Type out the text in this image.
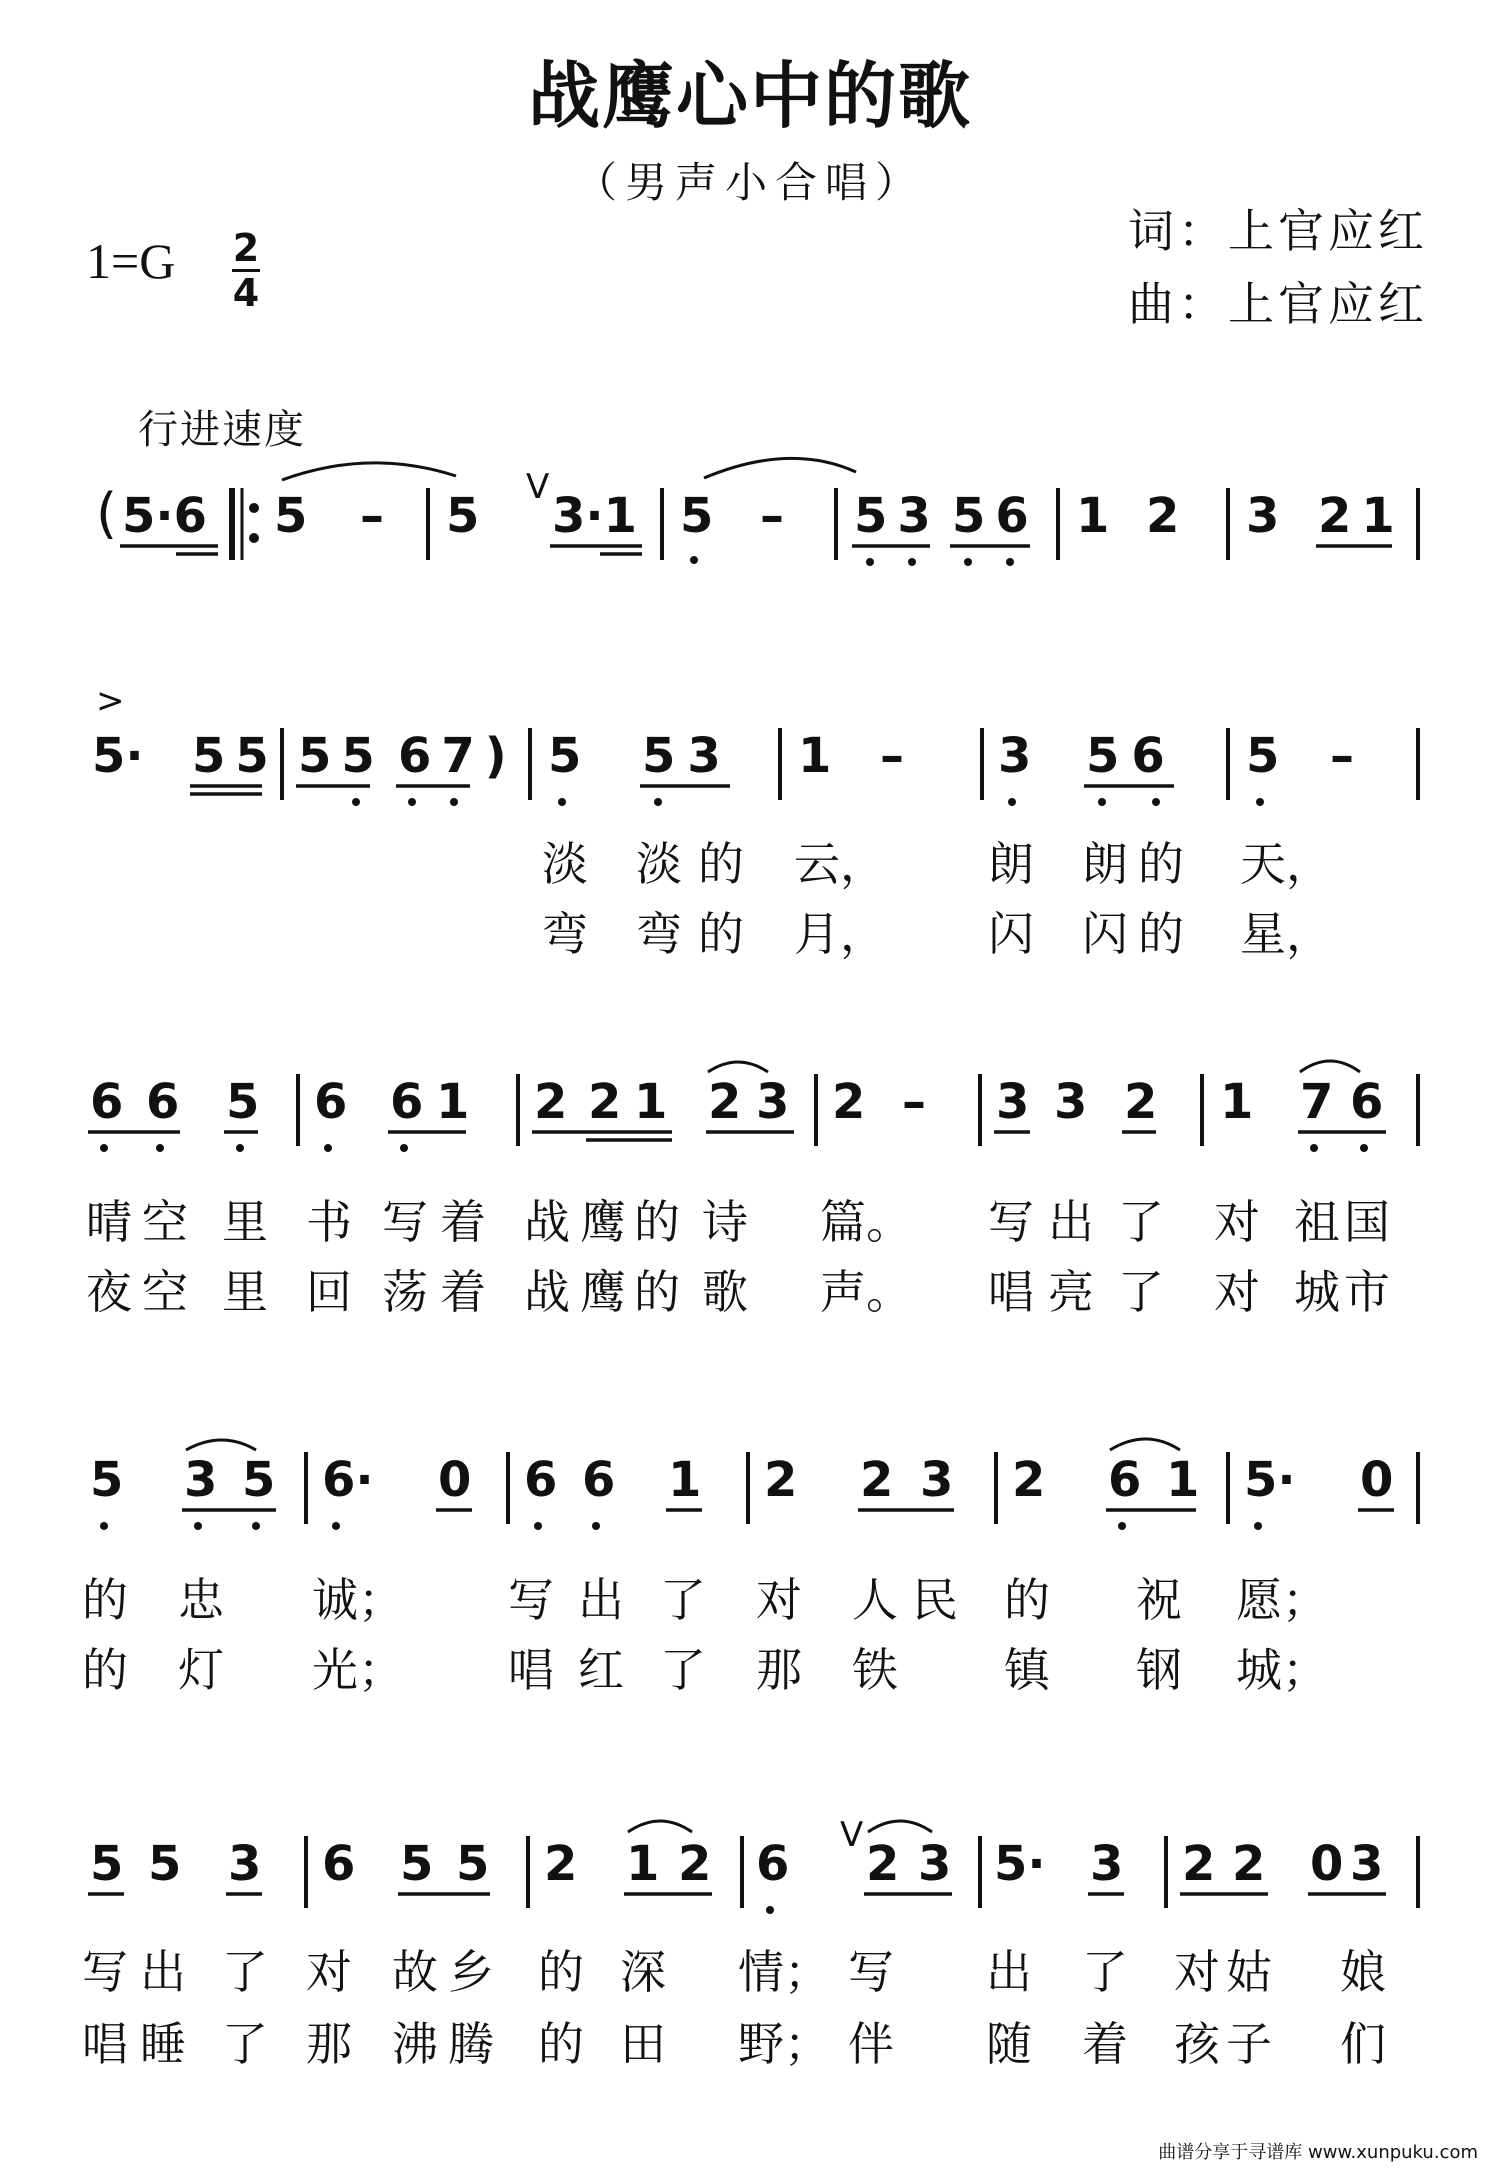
战鹰心中的歌
（男声小合唱）
词：上官应红
曲：上官应红
1=G 2
4
行进速度
( 5·6 5 – 5
V
3·1 5 – 53 56 1 2 3 21
>
5· 55 55 67) 5 53 1 – 3 56 5 –
淡 淡 的 云， 朗 朗 的 天，
弯 弯 的 月， 闪 闪 的 星，
6 6 5 6 6 1 2 2 1 2 3 2 – 3 3 2 1 7 6
晴 空 里 书 写 着 战 鹰 的 诗 篇。 写 出 了 对 祖 国
夜 空 里 回 荡 着 战 鹰 的 歌 声。 唱 亮 了 对 城 市
5 3 5 6· 0 6 6 1 2 2 3 2 6 1 5· 0
的 忠 诚； 写 出 了 对 人 民 的 祝 愿；
的 灯 光； 唱 红 了 那 铁 镇 钢 城；
5 5 3 6 5 5 2 1 2 6
V
2 3 5· 3 2 2 0 3
写 出 了 对 故 乡 的 深 情； 写 出 了 对 姑 娘
唱 睡 了 那 沸 腾 的 田 野； 伴 随 着 孩 子 们
曲谱分享于寻谱库 www.xunpuku.com
